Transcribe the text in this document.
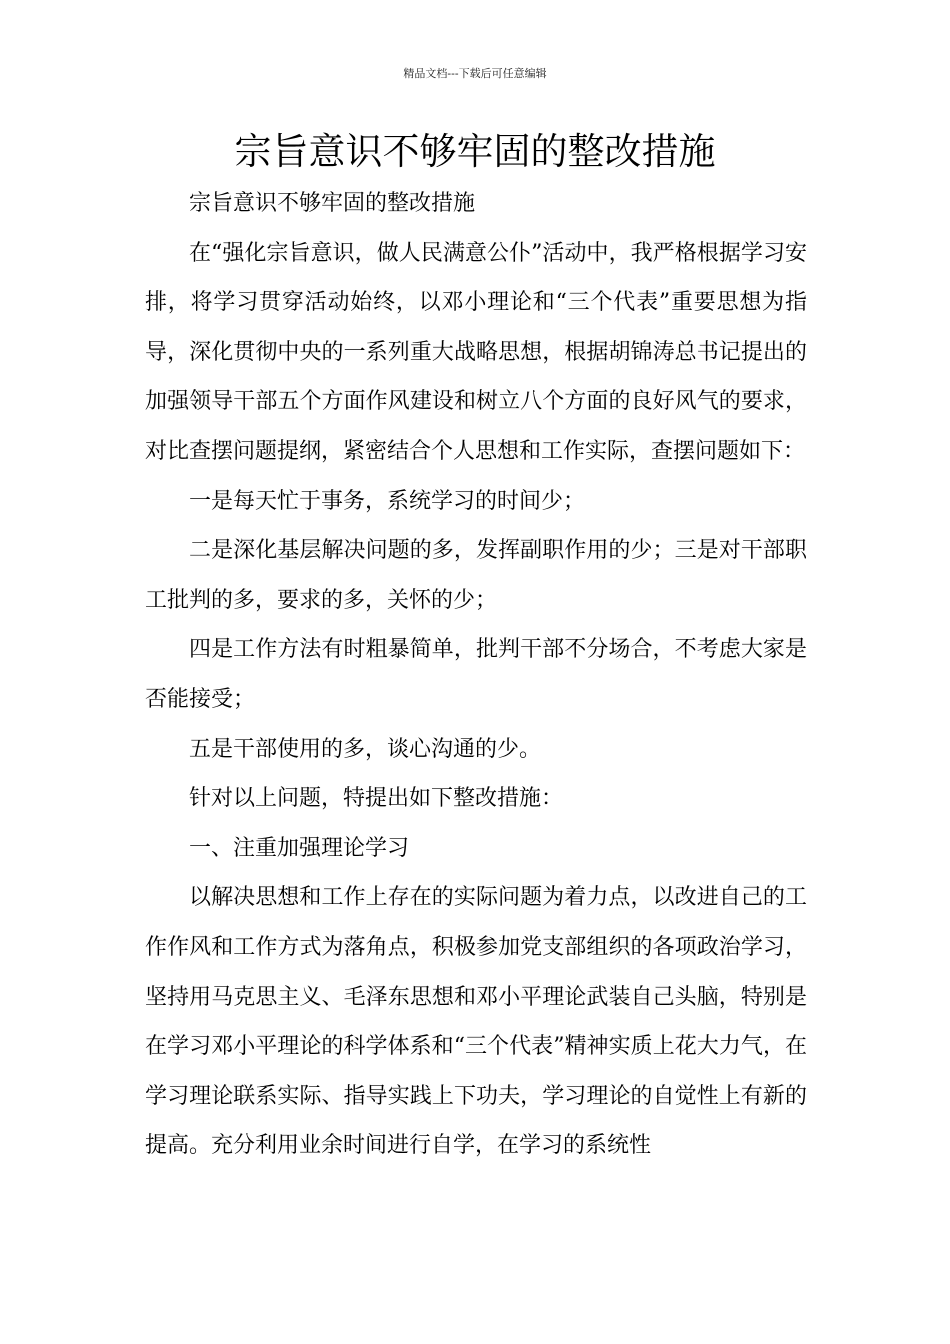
精品文档---下载后可任意编辑
宗旨意识不够牢固的整改措施

宗旨意识不够牢固的整改措施

在“强化宗旨意识，做人民满意公仆”活动中，我严格根据学习安排，将学习贯穿活动始终，以邓小理论和“三个代表”重要思想为指导，深化贯彻中央的一系列重大战略思想，根据胡锦涛总书记提出的加强领导干部五个方面作风建设和树立八个方面的良好风气的要求，对比查摆问题提纲，紧密结合个人思想和工作实际，查摆问题如下：

一是每天忙于事务，系统学习的时间少；

二是深化基层解决问题的多，发挥副职作用的少；三是对干部职工批判的多，要求的多，关怀的少；

四是工作方法有时粗暴简单，批判干部不分场合，不考虑大家是否能接受；

五是干部使用的多，谈心沟通的少。

针对以上问题，特提出如下整改措施：

一、注重加强理论学习

以解决思想和工作上存在的实际问题为着力点，以改进自己的工作作风和工作方式为落角点，积极参加党支部组织的各项政治学习，坚持用马克思主义、毛泽东思想和邓小平理论武装自己头脑，特别是在学习邓小平理论的科学体系和“三个代表”精神实质上花大力气，在学习理论联系实际、指导实践上下功夫，学习理论的自觉性上有新的提高。充分利用业余时间进行自学，在学习的系统性
